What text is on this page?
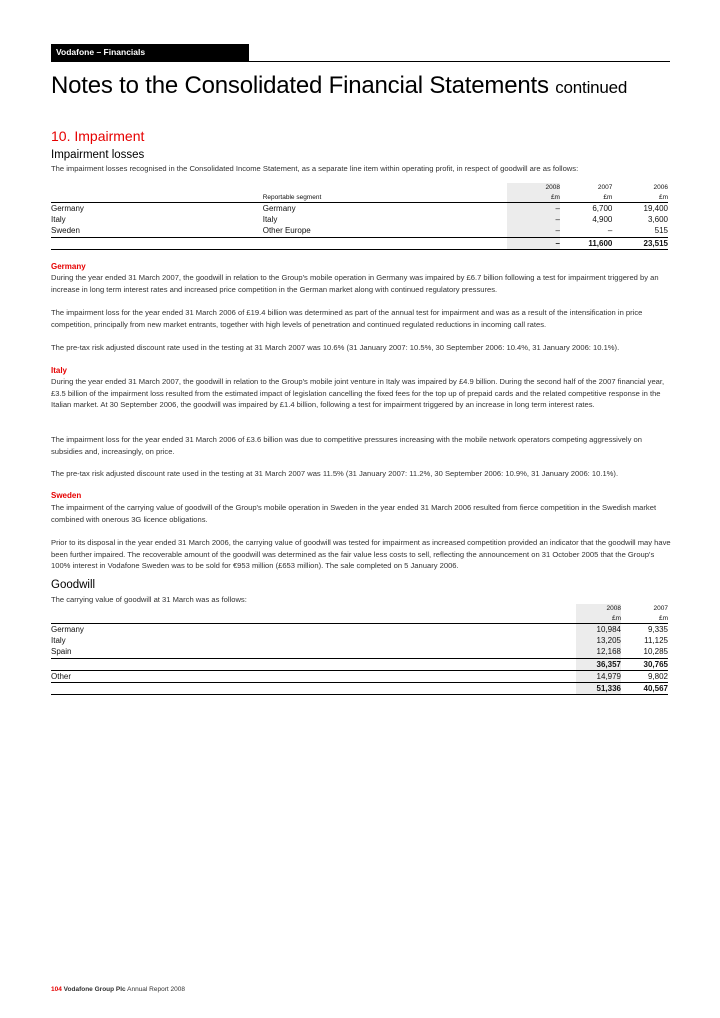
Vodafone – Financials
Notes to the Consolidated Financial Statements continued
10. Impairment
Impairment losses
The impairment losses recognised in the Consolidated Income Statement, as a separate line item within operating profit, in respect of goodwill are as follows:
		2008	2007		2006
	Reportable segment	£m	£m		£m
Germany	Germany	–	6,700		19,400
Italy	Italy	–	4,900		3,600
Sweden	Other Europe	–	–		515
		–	11,600		23,515
Germany
During the year ended 31 March 2007, the goodwill in relation to the Group's mobile operation in Germany was impaired by £6.7 billion following a test for impairment triggered by an increase in long term interest rates and increased price competition in the German market along with continued regulatory pressures.
The impairment loss for the year ended 31 March 2006 of £19.4 billion was determined as part of the annual test for impairment and was as a result of the intensification in price competition, principally from new market entrants, together with high levels of penetration and continued regulated reductions in incoming call rates.
The pre-tax risk adjusted discount rate used in the testing at 31 March 2007 was 10.6% (31 January 2007: 10.5%, 30 September 2006: 10.4%, 31 January 2006: 10.1%).
Italy
During the year ended 31 March 2007, the goodwill in relation to the Group's mobile joint venture in Italy was impaired by £4.9 billion. During the second half of the 2007 financial year, £3.5 billion of the impairment loss resulted from the estimated impact of legislation cancelling the fixed fees for the top up of prepaid cards and the related competitive response in the Italian market. At 30 September 2006, the goodwill was impaired by £1.4 billion, following a test for impairment triggered by an increase in long term interest rates.
The impairment loss for the year ended 31 March 2006 of £3.6 billion was due to competitive pressures increasing with the mobile network operators competing aggressively on subsidies and, increasingly, on price.
The pre-tax risk adjusted discount rate used in the testing at 31 March 2007 was 11.5% (31 January 2007: 11.2%, 30 September 2006: 10.9%, 31 January 2006: 10.1%).
Sweden
The impairment of the carrying value of goodwill of the Group's mobile operation in Sweden in the year ended 31 March 2006 resulted from fierce competition in the Swedish market combined with onerous 3G licence obligations.
Prior to its disposal in the year ended 31 March 2006, the carrying value of goodwill was tested for impairment as increased competition provided an indicator that the goodwill may have been further impaired. The recoverable amount of the goodwill was determined as the fair value less costs to sell, reflecting the announcement on 31 October 2005 that the Group's 100% interest in Vodafone Sweden was to be sold for €953 million (£653 million). The sale completed on 5 January 2006.
Goodwill
The carrying value of goodwill at 31 March was as follows:
	2008	2007
	£m	£m
Germany	10,984	9,335
Italy	13,205	11,125
Spain	12,168	10,285
	36,357	30,765
Other	14,979	9,802
	51,336	40,567
104 Vodafone Group Plc Annual Report 2008
